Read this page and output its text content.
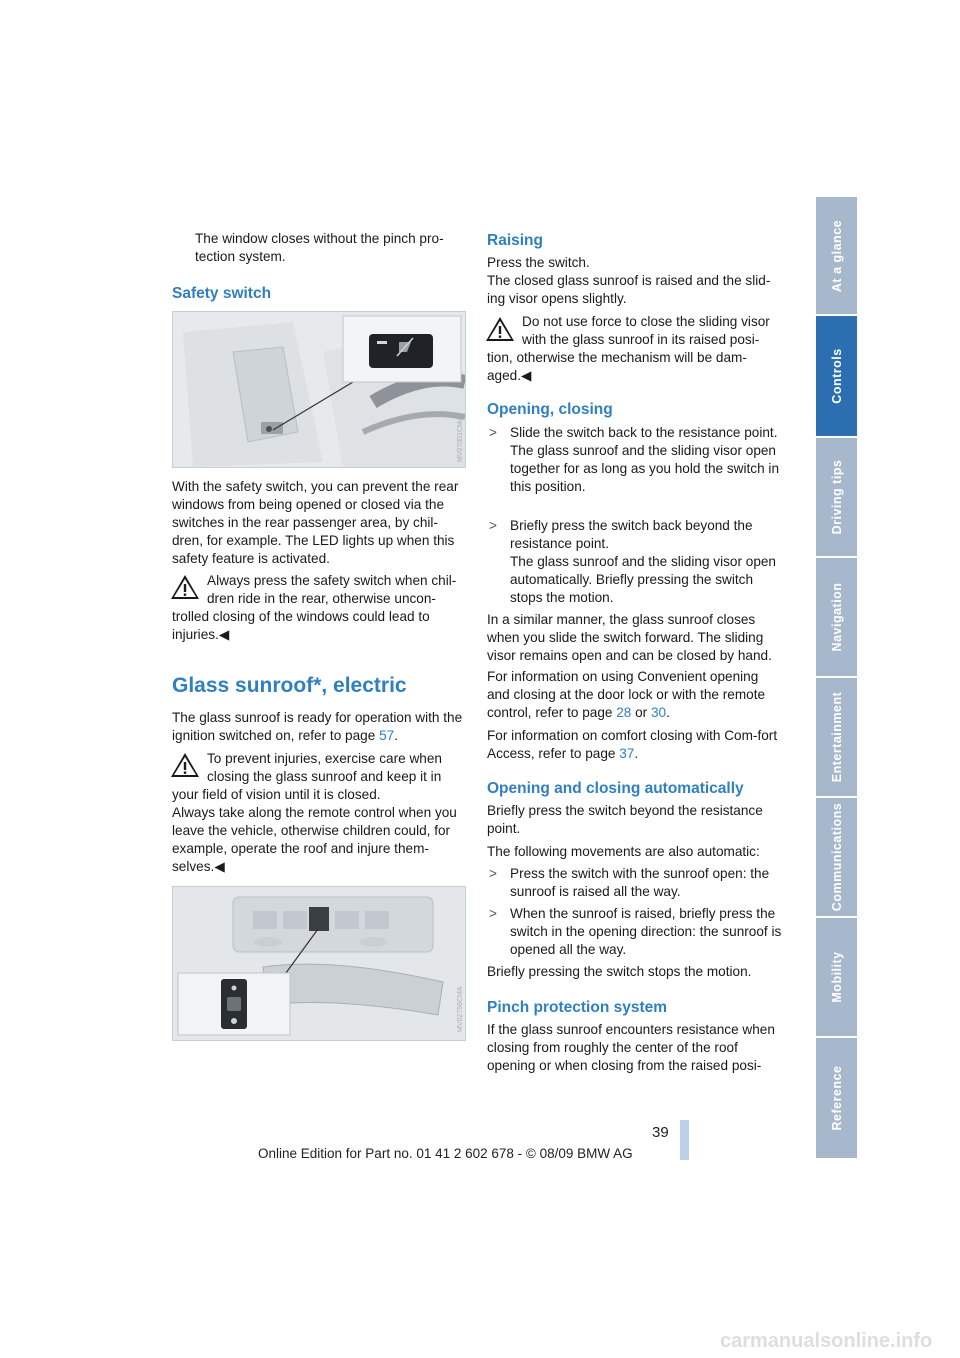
The window closes without the pinch pro-
tection system.

Safety switch
MV07001CMA

With the safety switch, you can prevent the rear windows from being opened or closed via the switches in the rear passenger area, by chil-dren, for example. The LED lights up when this safety feature is activated.

Always press the safety switch when chil-
dren ride in the rear, otherwise uncon-
trolled closing of the windows could lead to injuries.◀
Glass sunroof*, electric
The glass sunroof is ready for operation with the ignition switched on, refer to page 57.
To prevent injuries, exercise care when
closing the glass sunroof and keep it in
your field of vision until it is closed.
Always take along the remote control when you leave the vehicle, otherwise children could, for example, operate the roof and injure them-selves.◀
MV02758CMA
Raising

Press the switch.
The closed glass sunroof is raised and the slid-ing visor opens slightly.

Do not use force to close the sliding visor
with the glass sunroof in its raised posi-
tion, otherwise the mechanism will be dam-aged.◀
Opening, closing
> Slide the switch back to the resistance point.
The glass sunroof and the sliding visor open together for as long as you hold the switch in this position.
> Briefly press the switch back beyond the resistance point.
The glass sunroof and the sliding visor open automatically. Briefly pressing the switch stops the motion.

In a similar manner, the glass sunroof closes when you slide the switch forward. The sliding visor remains open and can be closed by hand.

For information on using Convenient opening and closing at the door lock or with the remote control, refer to page 28 or 30.
For information on comfort closing with Com-fort Access, refer to page 37.
Opening and closing automatically

Briefly press the switch beyond the resistance point.

The following movements are also automatic:

> Press the switch with the sunroof open: the sunroof is raised all the way.

> When the sunroof is raised, briefly press the switch in the opening direction: the sunroof is opened all the way.

Briefly pressing the switch stops the motion.

Pinch protection system

If the glass sunroof encounters resistance when closing from roughly the center of the roof opening or when closing from the raised posi-

At a glance
Controls
Driving tips
Navigation
Entertainment
Communications
Mobility
Reference
39
Online Edition for Part no. 01 41 2 602 678 - © 08/09 BMW AG
carmanualsonline.info
